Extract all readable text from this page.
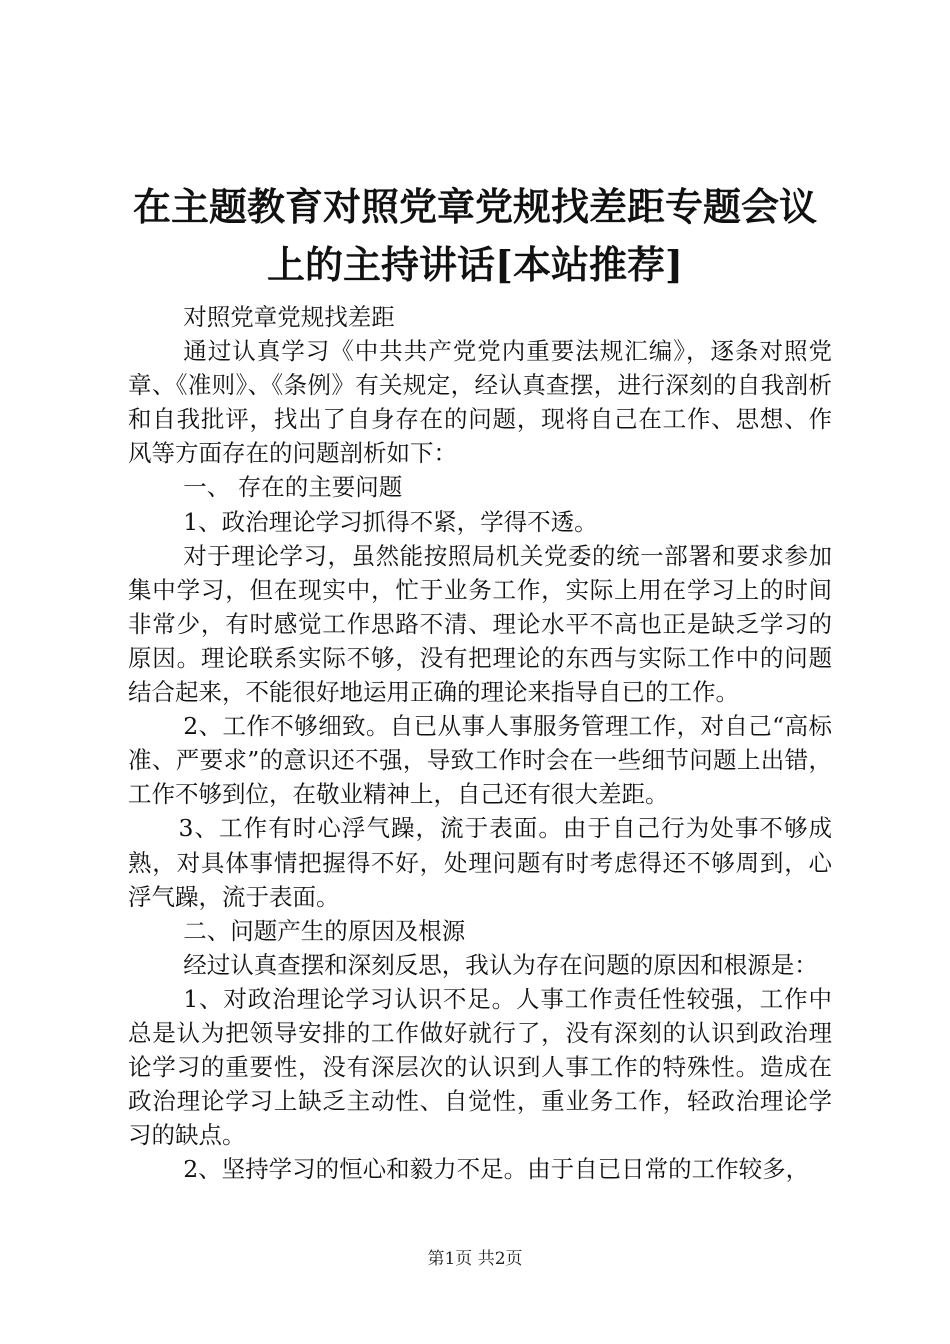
在主题教育对照党章党规找差距专题会议上的主持讲话[本站推荐]

对照党章党规找差距

通过认真学习《中共共产党党内重要法规汇编》，逐条对照党章、《准则》、《条例》有关规定，经认真查摆，进行深刻的自我剖析和自我批评，找出了自身存在的问题，现将自己在工作、思想、作风等方面存在的问题剖析如下：

一、 存在的主要问题

1、政治理论学习抓得不紧，学得不透。

对于理论学习，虽然能按照局机关党委的统一部署和要求参加集中学习，但在现实中，忙于业务工作，实际上用在学习上的时间非常少，有时感觉工作思路不清、理论水平不高也正是缺乏学习的原因。理论联系实际不够，没有把理论的东西与实际工作中的问题结合起来，不能很好地运用正确的理论来指导自已的工作。

2、工作不够细致。自已从事人事服务管理工作，对自己“高标准、严要求”的意识还不强，导致工作时会在一些细节问题上出错，工作不够到位，在敬业精神上，自己还有很大差距。

3、工作有时心浮气躁，流于表面。由于自己行为处事不够成熟，对具体事情把握得不好，处理问题有时考虑得还不够周到，心浮气躁，流于表面。

二、问题产生的原因及根源

经过认真查摆和深刻反思，我认为存在问题的原因和根源是：

1、对政治理论学习认识不足。人事工作责任性较强，工作中总是认为把领导安排的工作做好就行了，没有深刻的认识到政治理论学习的重要性，没有深层次的认识到人事工作的特殊性。造成在政治理论学习上缺乏主动性、自觉性，重业务工作，轻政治理论学习的缺点。

2、坚持学习的恒心和毅力不足。由于自已日常的工作较多，

第1页 共2页
